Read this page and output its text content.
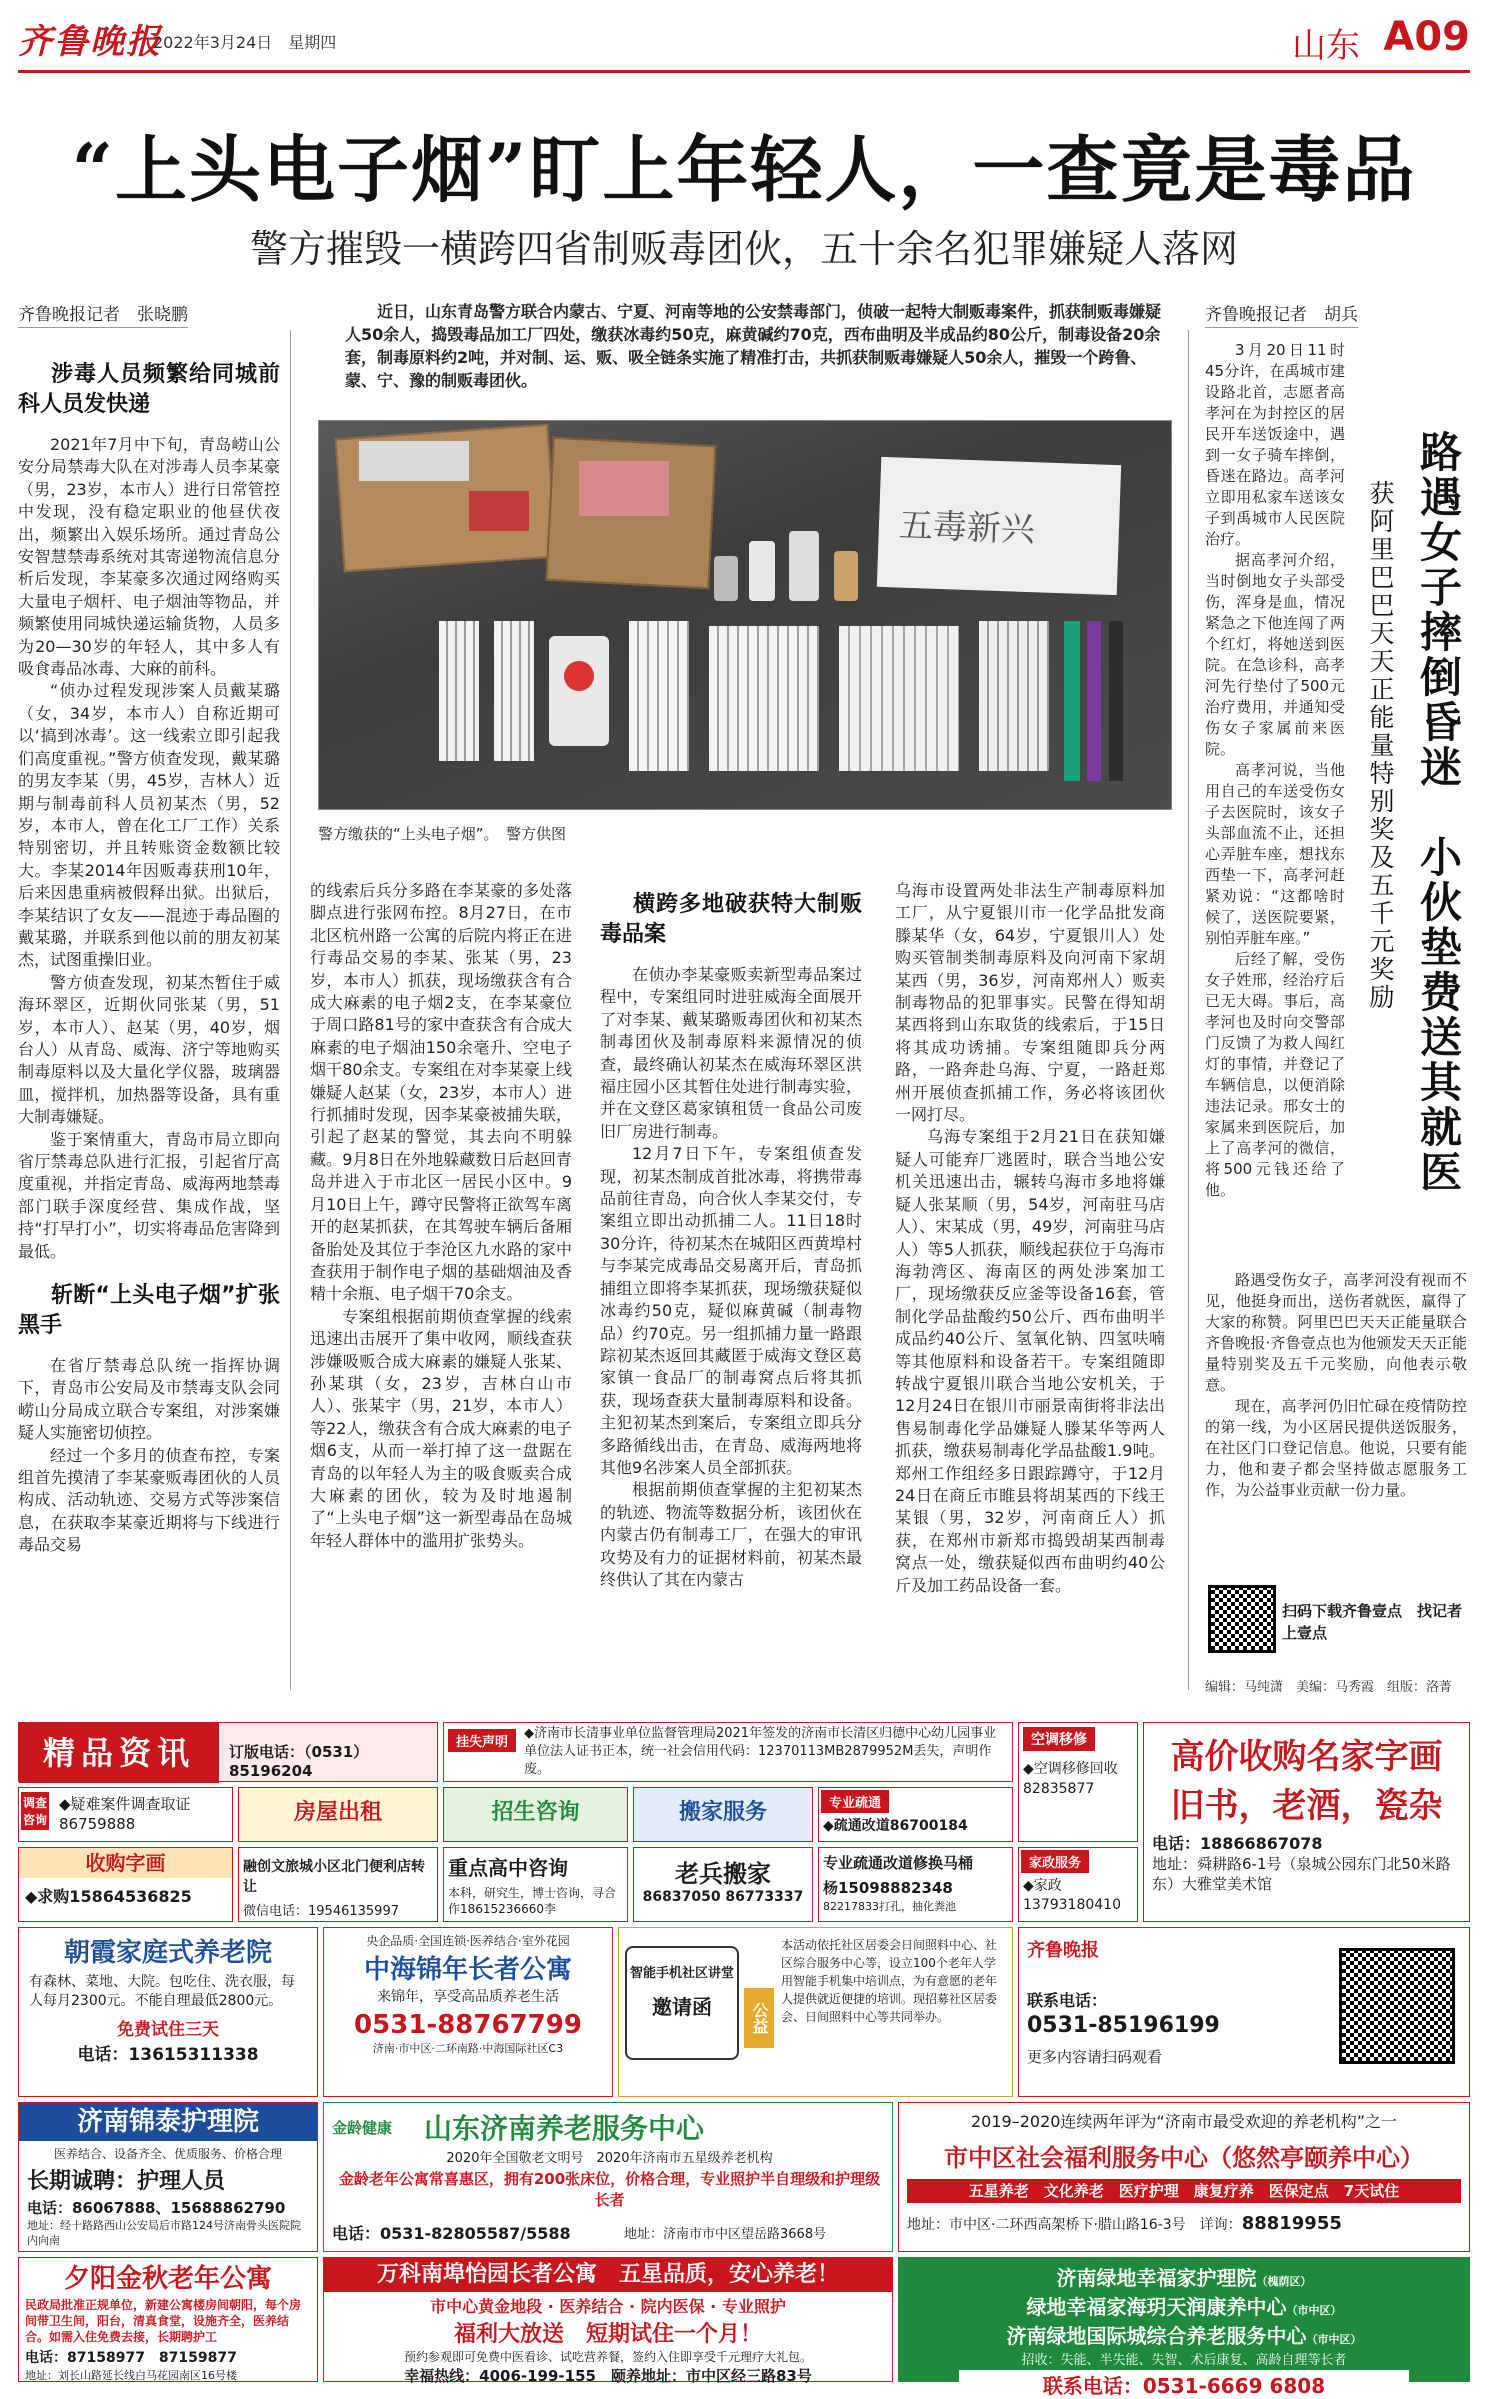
齐鲁晚报
2022年3月24日　星期四	山东 A09
“上头电子烟”盯上年轻人，一查竟是毒品
警方摧毁一横跨四省制贩毒团伙，五十余名犯罪嫌疑人落网
齐鲁晚报记者　张晓鹏	齐鲁晚报记者　胡兵
近日，山东青岛警方联合内蒙古、宁夏、河南等地的公安禁毒部门，侦破一起特大制贩毒案件，抓获制贩毒嫌疑人50余人，捣毁毒品加工厂四处，缴获冰毒约50克，麻黄碱约70克，西布曲明及半成品约80公斤，制毒设备20余套，制毒原料约2吨，并对制、运、贩、吸全链条实施了精准打击，共抓获制贩毒嫌疑人50余人，摧毁一个跨鲁、蒙、宁、豫的制贩毒团伙。
五毒新兴
警方缴获的“上头电子烟”。　警方供图
涉毒人员频繁给同城前科人员发快递

2021年7月中下旬，青岛崂山公安分局禁毒大队在对涉毒人员李某豪（男，23岁，本市人）进行日常管控中发现，没有稳定职业的他昼伏夜出，频繁出入娱乐场所。通过青岛公安智慧禁毒系统对其寄递物流信息分析后发现，李某豪多次通过网络购买大量电子烟杆、电子烟油等物品，并频繁使用同城快递运输货物，人员多为20—30岁的年轻人，其中多人有吸食毒品冰毒、大麻的前科。

“侦办过程发现涉案人员戴某璐（女，34岁，本市人）自称近期可以‘搞到冰毒’。这一线索立即引起我们高度重视。”警方侦查发现，戴某璐的男友李某（男，45岁，吉林人）近期与制毒前科人员初某杰（男，52岁，本市人，曾在化工厂工作）关系特别密切，并且转账资金数额比较大。李某2014年因贩毒获刑10年，后来因患重病被假释出狱。出狱后，李某结识了女友——混迹于毒品圈的戴某璐，并联系到他以前的朋友初某杰，试图重操旧业。

警方侦查发现，初某杰暂住于威海环翠区，近期伙同张某（男，51岁，本市人）、赵某（男，40岁，烟台人）从青岛、威海、济宁等地购买制毒原料以及大量化学仪器，玻璃器皿，搅拌机，加热器等设备，具有重大制毒嫌疑。

鉴于案情重大，青岛市局立即向省厅禁毒总队进行汇报，引起省厅高度重视，并指定青岛、威海两地禁毒部门联手深度经营、集成作战，坚持“打早打小”，切实将毒品危害降到最低。

斩断“上头电子烟”扩张黑手

在省厅禁毒总队统一指挥协调下，青岛市公安局及市禁毒支队会同崂山分局成立联合专案组，对涉案嫌疑人实施密切侦控。

经过一个多月的侦查布控，专案组首先摸清了李某豪贩毒团伙的人员构成、活动轨迹、交易方式等涉案信息，在获取李某豪近期将与下线进行毒品交易

的线索后兵分多路在李某豪的多处落脚点进行张网布控。8月27日，在市北区杭州路一公寓的后院内将正在进行毒品交易的李某、张某（男，23岁，本市人）抓获，现场缴获含有合成大麻素的电子烟2支，在李某豪位于周口路81号的家中查获含有合成大麻素的电子烟油150余毫升、空电子烟干80余支。专案组在对李某豪上线嫌疑人赵某（女，23岁，本市人）进行抓捕时发现，因李某豪被捕失联，引起了赵某的警觉，其去向不明躲藏。9月8日在外地躲藏数日后赵回青岛并进入于市北区一居民小区中。9月10日上午，蹲守民警将正欲驾车离开的赵某抓获，在其驾驶车辆后备厢备胎处及其位于李沧区九水路的家中查获用于制作电子烟的基础烟油及香精十余瓶、电子烟干70余支。

专案组根据前期侦查掌握的线索迅速出击展开了集中收网，顺线查获涉嫌吸贩合成大麻素的嫌疑人张某、孙某琪（女，23岁，吉林白山市人）、张某宇（男，21岁，本市人）等22人，缴获含有合成大麻素的电子烟6支，从而一举打掉了这一盘踞在青岛的以年轻人为主的吸食贩卖合成大麻素的团伙，较为及时地遏制了“上头电子烟”这一新型毒品在岛城年轻人群体中的滥用扩张势头。

横跨多地破获特大制贩毒品案

在侦办李某豪贩卖新型毒品案过程中，专案组同时进驻威海全面展开了对李某、戴某璐贩毒团伙和初某杰制毒团伙及制毒原料来源情况的侦查，最终确认初某杰在威海环翠区洪福庄园小区其暂住处进行制毒实验，并在文登区葛家镇租赁一食品公司废旧厂房进行制毒。

12月7日下午，专案组侦查发现，初某杰制成首批冰毒，将携带毒品前往青岛，向合伙人李某交付，专案组立即出动抓捕二人。11日18时30分许，待初某杰在城阳区西黄埠村与李某完成毒品交易离开后，青岛抓捕组立即将李某抓获，现场缴获疑似冰毒约50克，疑似麻黄碱（制毒物品）约70克。另一组抓捕力量一路跟踪初某杰返回其藏匿于威海文登区葛家镇一食品厂的制毒窝点后将其抓获，现场查获大量制毒原料和设备。主犯初某杰到案后，专案组立即兵分多路循线出击，在青岛、威海两地将其他9名涉案人员全部抓获。

根据前期侦查掌握的主犯初某杰的轨迹、物流等数据分析，该团伙在内蒙古仍有制毒工厂，在强大的审讯攻势及有力的证据材料前，初某杰最终供认了其在内蒙古

乌海市设置两处非法生产制毒原料加工厂，从宁夏银川市一化学品批发商滕某华（女，64岁，宁夏银川人）处购买管制类制毒原料及向河南下家胡某西（男，36岁，河南郑州人）贩卖制毒物品的犯罪事实。民警在得知胡某西将到山东取货的线索后，于15日将其成功诱捕。专案组随即兵分两路，一路奔赴乌海、宁夏，一路赶郑州开展侦查抓捕工作，务必将该团伙一网打尽。

乌海专案组于2月21日在获知嫌疑人可能弃厂逃匿时，联合当地公安机关迅速出击，辗转乌海市多地将嫌疑人张某顺（男，54岁，河南驻马店人）、宋某成（男，49岁，河南驻马店人）等5人抓获，顺线起获位于乌海市海勃湾区、海南区的两处涉案加工厂，现场缴获反应釜等设备16套，管制化学品盐酸约50公斤、西布曲明半成品约40公斤、氢氧化钠、四氢呋喃等其他原料和设备若干。专案组随即转战宁夏银川联合当地公安机关，于12月24日在银川市丽景南街将非法出售易制毒化学品嫌疑人滕某华等两人抓获，缴获易制毒化学品盐酸1.9吨。郑州工作组经多日跟踪蹲守，于12月24日在商丘市睢县将胡某西的下线王某银（男，32岁，河南商丘人）抓获，在郑州市新郑市捣毁胡某西制毒窝点一处，缴获疑似西布曲明约40公斤及加工药品设备一套。

3月20日11时45分许，在禹城市建设路北首，志愿者高孝河在为封控区的居民开车送饭途中，遇到一女子骑车摔倒，昏迷在路边。高孝河立即用私家车送该女子到禹城市人民医院治疗。

据高孝河介绍，当时倒地女子头部受伤，浑身是血，情况紧急之下他连闯了两个红灯，将她送到医院。在急诊科，高孝河先行垫付了500元治疗费用，并通知受伤女子家属前来医院。

高孝河说，当他用自己的车送受伤女子去医院时，该女子头部血流不止，还担心弄脏车座，想找东西垫一下，高孝河赶紧劝说：“这都啥时候了，送医院要紧，别怕弄脏车座。”

后经了解，受伤女子姓邢，经治疗后已无大碍。事后，高孝河也及时向交警部门反馈了为救人闯红灯的事情，并登记了车辆信息，以便消除违法记录。邢女士的家属来到医院后，加上了高孝河的微信，将500元钱还给了他。	路遇女子摔倒昏迷　小伙垫费送其就医
获阿里巴巴天天正能量特别奖及五千元奖励

路遇受伤女子，高孝河没有视而不见，他挺身而出，送伤者就医，赢得了大家的称赞。阿里巴巴天天正能量联合齐鲁晚报·齐鲁壹点也为他颁发天天正能量特别奖及五千元奖励，向他表示敬意。

现在，高孝河仍旧忙碌在疫情防控的第一线，为小区居民提供送饭服务，在社区门口登记信息。他说，只要有能力，他和妻子都会坚持做志愿服务工作，为公益事业贡献一份力量。

扫码下载齐鲁壹点　找记者　上壹点
编辑：马纯潇　美编：马秀霞　组版：洛菁
精品资讯	订版电话：（0531）85196204
挂失声明
◆济南市长清事业单位监督管理局2021年签发的济南市长清区归德中心幼儿园事业单位法人证书正本，统一社会信用代码：12370113MB2879952M丢失，声明作废。
空调移修
◆空调移修回收 82835877
高价收购名家字画
旧书，老酒，瓷杂
电话：18866867078
地址：舜耕路6-1号（泉城公园东门北50米路东）大雅堂美术馆
调查咨询
◆疑难案件调查取证86759888	房屋出租	招生咨询	搬家服务	专业疏通
◆疏通改道86700184
家政服务
◆家政 13793180410
收购字画
◆求购15864536825
融创文旅城小区北门便利店转让
微信电话：19546135997
重点高中咨询
本科，研究生，博士咨询，寻合作18615236660李
老兵搬家
86837050 86773337
专业疏通改道修换马桶
杨15098882348
82217833打孔，抽化粪池
朝霞家庭式养老院
有森林、菜地、大院。包吃住、洗衣服，每人每月2300元。不能自理最低2800元。
免费试住三天
电话：13615311338
央企品质·全国连锁·医养结合·室外花园
中海锦年长者公寓
来锦年，享受高品质养老生活
0531-88767799
济南·市中区·二环南路·中海国际社区C3
智能手机社区讲堂
邀请函	公益
本活动依托社区居委会日间照料中心、社区综合服务中心等，设立100个老年人学用智能手机集中培训点，为有意愿的老年人提供就近便捷的培训。现招募社区居委会、日间照料中心等共同举办。
齐鲁晚报
联系电话：
0531-85196199
更多内容请扫码观看
济南锦泰护理院
医养结合、设备齐全、优质服务、价格合理
长期诚聘：护理人员
电话：86067888、15688862790
地址：经十路路西山公安局后市路124号济南骨头医院院内向南
金龄健康 山东济南养老服务中心
2020年全国敬老文明号　2020年济南市五星级养老机构
金龄老年公寓常喜惠区，拥有200张床位，价格合理，专业照护半自理级和护理级长者
电话：0531-82805587/5588	地址：济南市市中区望岳路3668号
2019–2020连续两年评为“济南市最受欢迎的养老机构”之一
市中区社会福利服务中心（悠然亭颐养中心）
五星养老　文化养老　医疗护理　康复疗养　医保定点　7天试住
地址：市中区·二环西高架桥下·腊山路16-3号　详询：88819955
夕阳金秋老年公寓
民政局批准正规单位，新建公寓楼房间朝阳，每个房间带卫生间，阳台，清真食堂，设施齐全，医养结合。如需入住免费去接，长期聘护工
电话：87158977　87159877
地址：刘长山路延长线白马花园南区16号楼
万科南埠怡园长者公寓　五星品质，安心养老！
市中心黄金地段 · 医养结合 · 院内医保 · 专业照护
福利大放送　短期试住一个月！
预约参观即可免费中医看诊、试吃营养餐，签约入住即享受千元理疗大礼包。
幸福热线：4006-199-155　颐养地址：市中区经三路83号
济南绿地幸福家护理院（槐荫区）
绿地幸福家海玥天润康养中心（市中区）
济南绿地国际城综合养老服务中心（市中区）
招收：失能、半失能、失智、术后康复、高龄自理等长者
联系电话：0531-6669 6808
